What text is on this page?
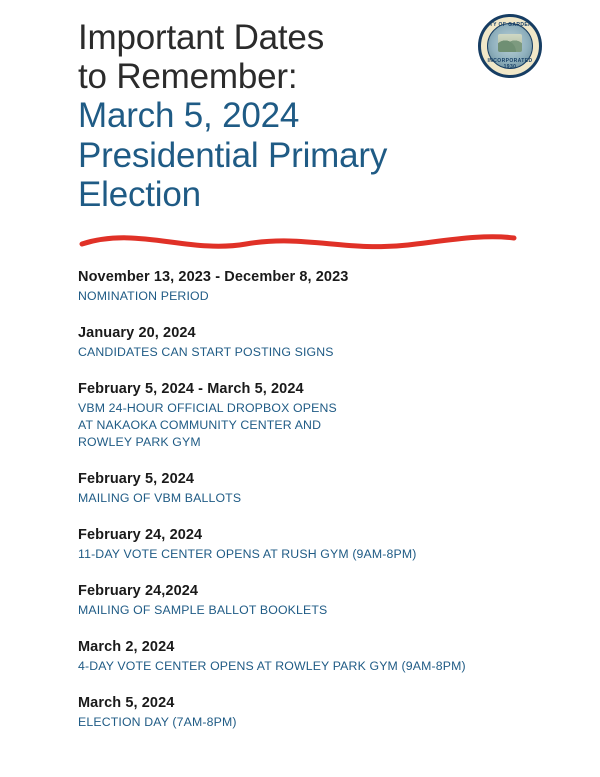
Important Dates
to Remember:
March 5, 2024
Presidential Primary
Election
CITY OF GARDENA
INCORPORATED 1930
November 13, 2023 - December 8, 2023
NOMINATION PERIOD
January 20, 2024
CANDIDATES CAN START POSTING SIGNS
February 5, 2024 - March 5, 2024
VBM 24-HOUR OFFICIAL DROPBOX OPENS
AT NAKAOKA COMMUNITY CENTER AND
ROWLEY PARK GYM
February 5, 2024
MAILING OF VBM BALLOTS
February 24, 2024
11-DAY VOTE CENTER OPENS AT RUSH GYM (9AM-8PM)
February 24,2024
MAILING OF SAMPLE BALLOT BOOKLETS
March 2, 2024
4-DAY VOTE CENTER OPENS AT ROWLEY PARK GYM (9AM-8PM)
March 5, 2024
ELECTION DAY (7AM-8PM)
